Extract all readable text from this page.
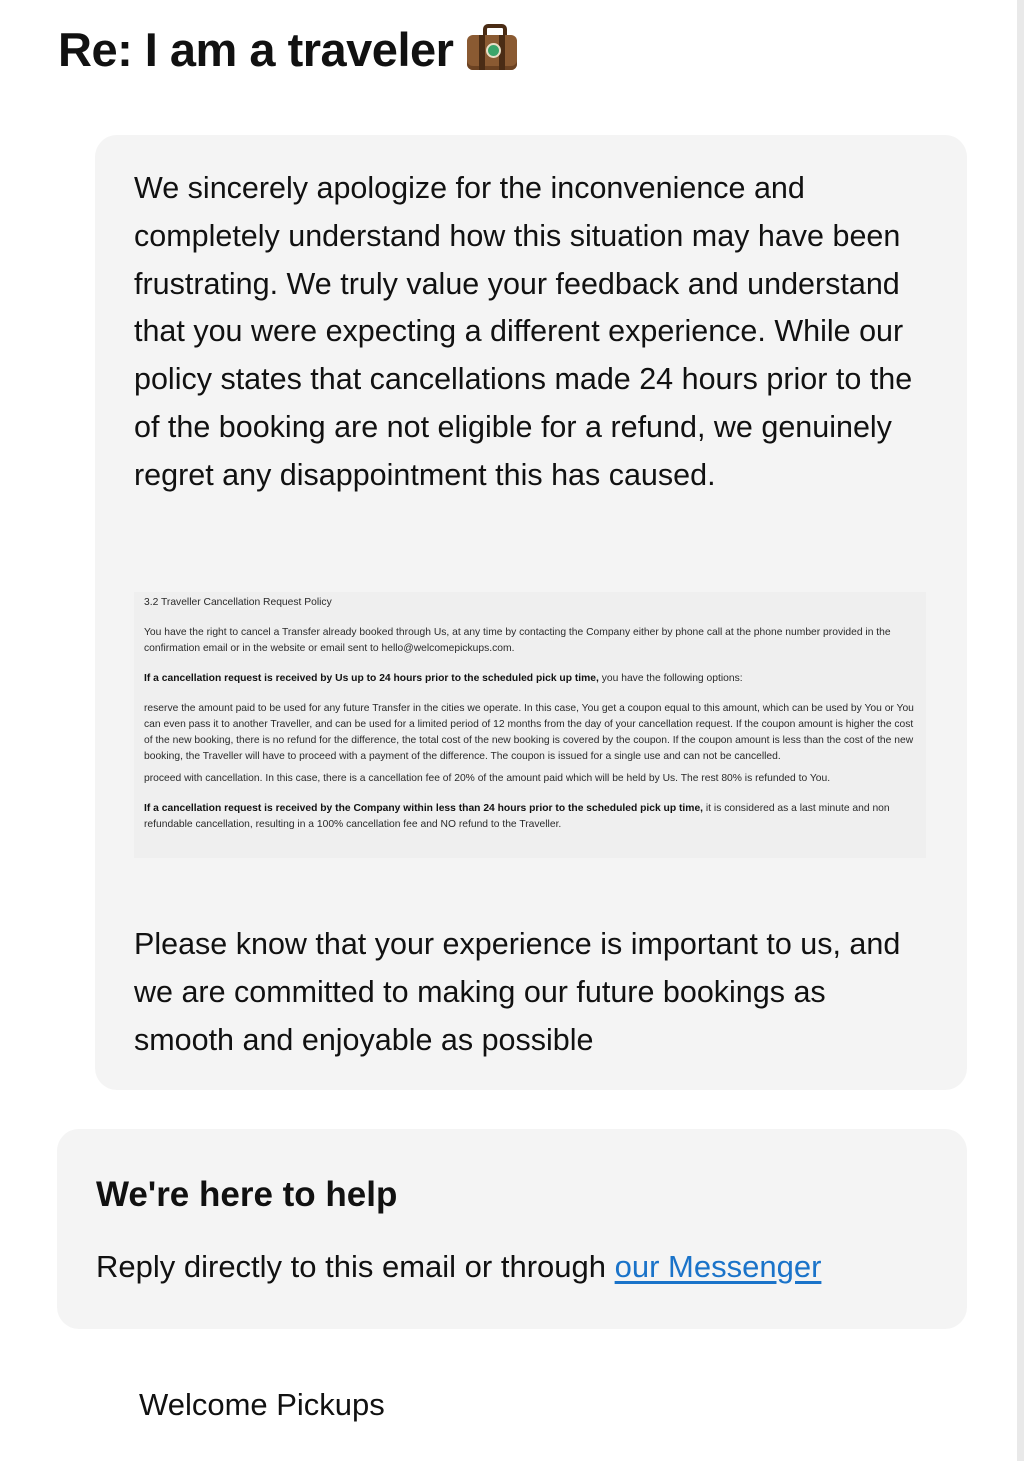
Re: I am a traveler

We sincerely apologize for the inconvenience and completely understand how this situation may have been frustrating. We truly value your feedback and understand that you were expecting a different experience. While our policy states that cancellations made 24 hours prior to the of the booking are not eligible for a refund, we genuinely regret any disappointment this has caused.

3.2 Traveller Cancellation Request Policy

You have the right to cancel a Transfer already booked through Us, at any time by contacting the Company either by phone call at the phone number provided in the confirmation email or in the website or email sent to hello@welcomepickups.com.

If a cancellation request is received by Us up to 24 hours prior to the scheduled pick up time, you have the following options:

reserve the amount paid to be used for any future Transfer in the cities we operate. In this case, You get a coupon equal to this amount, which can be used by You or You can even pass it to another Traveller, and can be used for a limited period of 12 months from the day of your cancellation request. If the coupon amount is higher the cost of the new booking, there is no refund for the difference, the total cost of the new booking is covered by the coupon. If the coupon amount is less than the cost of the new booking, the Traveller will have to proceed with a payment of the difference. The coupon is issued for a single use and can not be cancelled.

proceed with cancellation. In this case, there is a cancellation fee of 20% of the amount paid which will be held by Us. The rest 80% is refunded to You.

If a cancellation request is received by the Company within less than 24 hours prior to the scheduled pick up time, it is considered as a last minute and non refundable cancellation, resulting in a 100% cancellation fee and NO refund to the Traveller.

Please know that your experience is important to us, and we are committed to making our future bookings as smooth and enjoyable as possible

We're here to help

Reply directly to this email or through our Messenger

Welcome Pickups
